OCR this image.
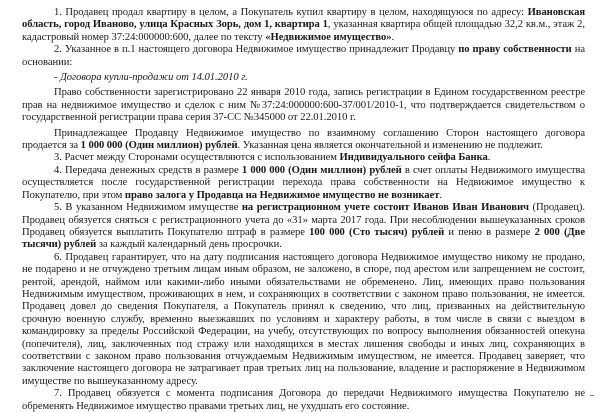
1. Продавец продал квартиру в целом, а Покупатель купил квартиру в целом, находящуюся по адресу: Ивановская область, город Иваново, улица Красных Зорь, дом 1, квартира 1, указанная квартира общей площадью 32,2 кв.м., этаж 2, кадастровый номер 37:24:000000:600, далее по тексту «Недвижимое имущество».

2. Указанное в п.1 настоящего договора Недвижимое имущество принадлежит Продавцу по праву собственности на основании:

- Договора купли-продажи от 14.01.2010 г.

Право собственности зарегистрировано 22 января 2010 года, запись регистрации в Едином государственном реестре прав на недвижимое имущество и сделок с ним №37:24:000000:600-37/001/2010-1, что подтверждается свидетельством о государственной регистрации права серия 37-СС №345000 от 22.01.2010 г.

Принадлежащее Продавцу Недвижимое имущество по взаимному соглашению Сторон настоящего договора продается за 1 000 000 (Один миллион) рублей. Указанная цена является окончательной и изменению не подлежит.

3. Расчет между Сторонами осуществляются с использованием Индивидуального сейфа Банка.

4. Передача денежных средств в размере 1 000 000 (Один миллион) рублей в счет оплаты Недвижимого имущества осуществляется после государственной регистрации перехода права собственности на Недвижимое имущество к Покупателю, при этом право залога у Продавца на Недвижимое имущество не возникает.

5. В указанном Недвижимом имуществе на регистрационном учете состоит Иванов Иван Иванович (Продавец). Продавец обязуется сняться с регистрационного учета до «31» марта 2017 года. При несоблюдении вышеуказанных сроков Продавец обязуется выплатить Покупателю штраф в размере 100 000 (Сто тысяч) рублей и пеню в размере 2 000 (Две тысячи) рублей за каждый календарный день просрочки.

6. Продавец гарантирует, что на дату подписания настоящего договора Недвижимое имущество никому не продано, не подарено и не отчуждено третьим лицам иным образом, не заложено, в споре, под арестом или запрещением не состоит, рентой, арендой, наймом или какими-либо иными обязательствами не обременено. Лиц, имеющих право пользования Недвижимым имуществом, проживающих в нем, и сохраняющих в соответствии с законом право пользования, не имеется. Продавец довел до сведения Покупателя, а Покупатель принял к сведению, что лиц, призванных на действительную срочную военную службу, временно выезжавших по условиям и характеру работы, в том числе в связи с выездом в командировку за пределы Российской Федерации, на учебу, отсутствующих по вопросу выполнения обязанностей опекуна (попечителя), лиц, заключенных под стражу или находящихся в местах лишения свободы и иных лиц, сохраняющих в соответствии с законом право пользования отчуждаемым Недвижимым имуществом, не имеется. Продавец заверяет, что заключение настоящего договора не затрагивает прав третьих лиц на пользование, владение и распоряжение в Недвижимом имуществе по вышеуказанному адресу.

7. Продавец обязуется с момента подписания Договора до передачи Недвижимого имущества Покупателю не обременять Недвижимое имущество правами третьих лиц, не ухудшать его состояние.
